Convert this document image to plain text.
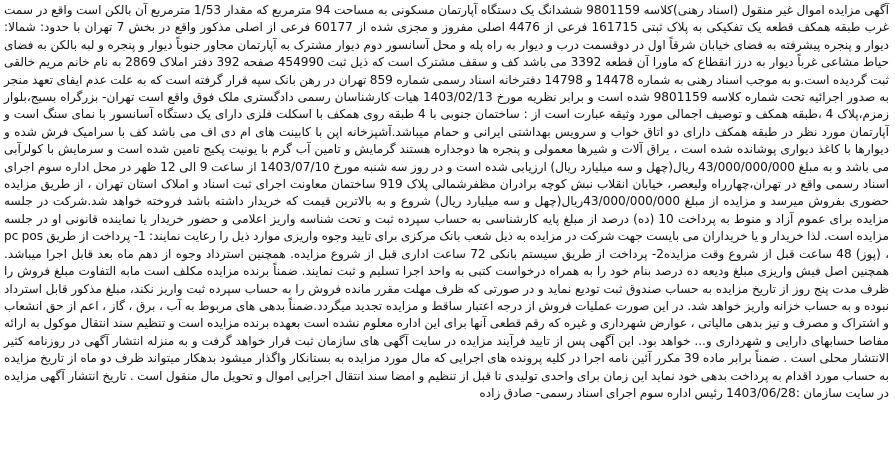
آگهی مزایده اموال غیر منقول (اسناد رهنی)کلاسه 9801159 ششدانگ یک دستگاه آپارتمان مسکونی به مساحت 94 مترمربع که مقدار 1/53 مترمربع آن بالکن است واقع در سمت غرب طبقه همکف قطعه یک تفکیکی به پلاک ثبتی 161715 فرعی از 4476 اصلی مفروز و مجزی شده از 60177 فرعی از اصلی مذکور واقع در بخش 7 تهران با حدود: شمالا: دیوار و پنجره پیشرفته به فضای خیابان شرقاً اول در دوقسمت درب و دیوار به راه پله و محل آسانسور دوم دیوار مشترک به آپارتمان مجاور جنوباً دیوار و پنجره و لبه بالکن به فضای حیاط مشاعی غرباً دیوار به درز انقطاع که ماورا آن قطعه 3392 می باشد کف و سقف مشترک است که ذیل ثبت 454990 صفحه 392 دفتر املاک 2869 به نام خانم مریم خالقی ثبت گردیده است.و به موجب اسناد رهنی به شماره 14478 و 14798 دفترخانه اسناد رسمی شماره 859 تهران در رهن بانک سپه قرار گرفته است که به علت عدم ایفای تعهد منجر به صدور اجرائیه تحت شماره کلاسه 9801159 شده است و برابر نظریه مورخ 1403/02/13 هیات کارشناسان رسمی دادگستری ملک فوق واقع است تهران- بزرگراه بسیج،بلوار زمزم،پلاک 4 ،طبقه همکف و توصیف اجمالی مورد وثیقه عبارت است از : ساختمان جنوبی با 4 طبقه روی همکف با اسکلت فلزی دارای یک دستگاه آسانسور با نمای سنگ است و آپارتمان مورد نظر در طبقه همکف دارای دو اتاق خواب و سرویس بهداشتی ایرانی و حمام میباشد.آشپزخانه اپن با کابینت های ام دی اف می باشد کف با سرامیک فرش شده و دیوارها با کاغذ دیواری پوشانده شده است ، یراق آلات و شیرها معمولی و پنجره ها دوجداره هستند گرمایش و تامین آب گرم با یونیت پکیج تامین شده است و سرمایش با کولرآبی می باشد و به مبلغ 43/000/000/000 ریال(چهل و سه میلیارد ریال) ارزیابی شده است و در روز سه شنبه مورخ 1403/07/10 از ساعت 9 الی 12 ظهر در محل اداره سوم اجرای اسناد رسمی واقع در تهران،چهارراه ولیعصر، خیابان انقلاب نبش کوچه برادران مظفرشمالی پلاک 919 ساختمان معاونت اجرای ثبت اسناد و املاک استان تهران ، از طریق مزایده حضوری بفروش میرسد و مزایده از مبلغ 43/000/000/000ریال(چهل و سه میلیارد ریال) شروع و به بالاترین قیمت که خریدار داشته باشد فروخته خواهد شد.شرکت در جلسه مزایده برای عموم آزاد و منوط به پرداخت 10 (ده) درصد از مبلغ پایه کارشناسی به حساب سپرده ثبت و تحت شناسه واریز اعلامی و حضور خریدار یا نماینده قانونی او در جلسه مزایده است. لذا خریدار و یا خریداران می بایست جهت شرکت در مزایده به ذیل شعب بانک مرکزی برای تایید وجوه واریزی موارد ذیل را رعایت نمایند: 1- پرداخت از طریق pc pos ، (پوز) 48 ساعت قبل از شروع وقت مزایده2- پرداخت از طریق سیستم بانکی 72 ساعت اداری قبل از شروع مزایده. همچنین استرداد وجوه از دهم ماه بعد قابل اجرا میباشد. همچنین اصل فیش واریزی مبلغ ودیعه ده درصد بنام خود را به همراه درخواست کتبی به واحد اجرا تسلیم و ثبت نمایند. ضمناً برنده مزایده مکلف است مابه التفاوت مبلغ فروش را ظرف مدت پنج روز از تاریخ مزایده به حساب صندوق ثبت تودیع نماید و در صورتی که ظرف مهلت مقرر مانده فروش را به حساب سپرده ثبت واریز نکند، مبلغ مذکور قابل استرداد نبوده و به حساب خزانه واریز خواهد شد. در این صورت عملیات فروش از درجه اعتبار ساقط و مزایده تجدید میگردد.ضمناً بدهی های مربوط به آب ، برق ، گاز ، اعم از حق انشعاب و اشتراک و مصرف و نیز بدهی مالیاتی ، عوارض شهرداری و غیره که رقم قطعی آنها برای این اداره معلوم نشده است بعهده برنده مزایده است و تنظیم سند انتقال موکول به ارائه مفاصا حسابهای دارایی و شهرداری و... خواهد بود. این آگهی پس از تایید فرآیند مزایده در سایت آگهی های سازمان ثبت قرار خواهد گرفت و به منزله انتشار آگهی در روزنامه کثیر الانتشار محلی است . ضمناً برابر ماده 39 مکرر آئین نامه اجرا در کلیه پرونده های اجرایی که مال مورد مزایده به بستانکار واگذار میشود بدهکار میتواند ظرف دو ماه از تاریخ مزایده به حساب مورد اقدام به پرداخت بدهی خود نماید این زمان برای واحدی تولیدی تا قبل از تنظیم و امضا سند انتقال اجرایی اموال و تحویل مال منقول است . تاریخ انتشار آگهی مزایده در سایت سازمان :1403/06/28 رئیس اداره سوم اجرای اسناد رسمی- صادق زاده
